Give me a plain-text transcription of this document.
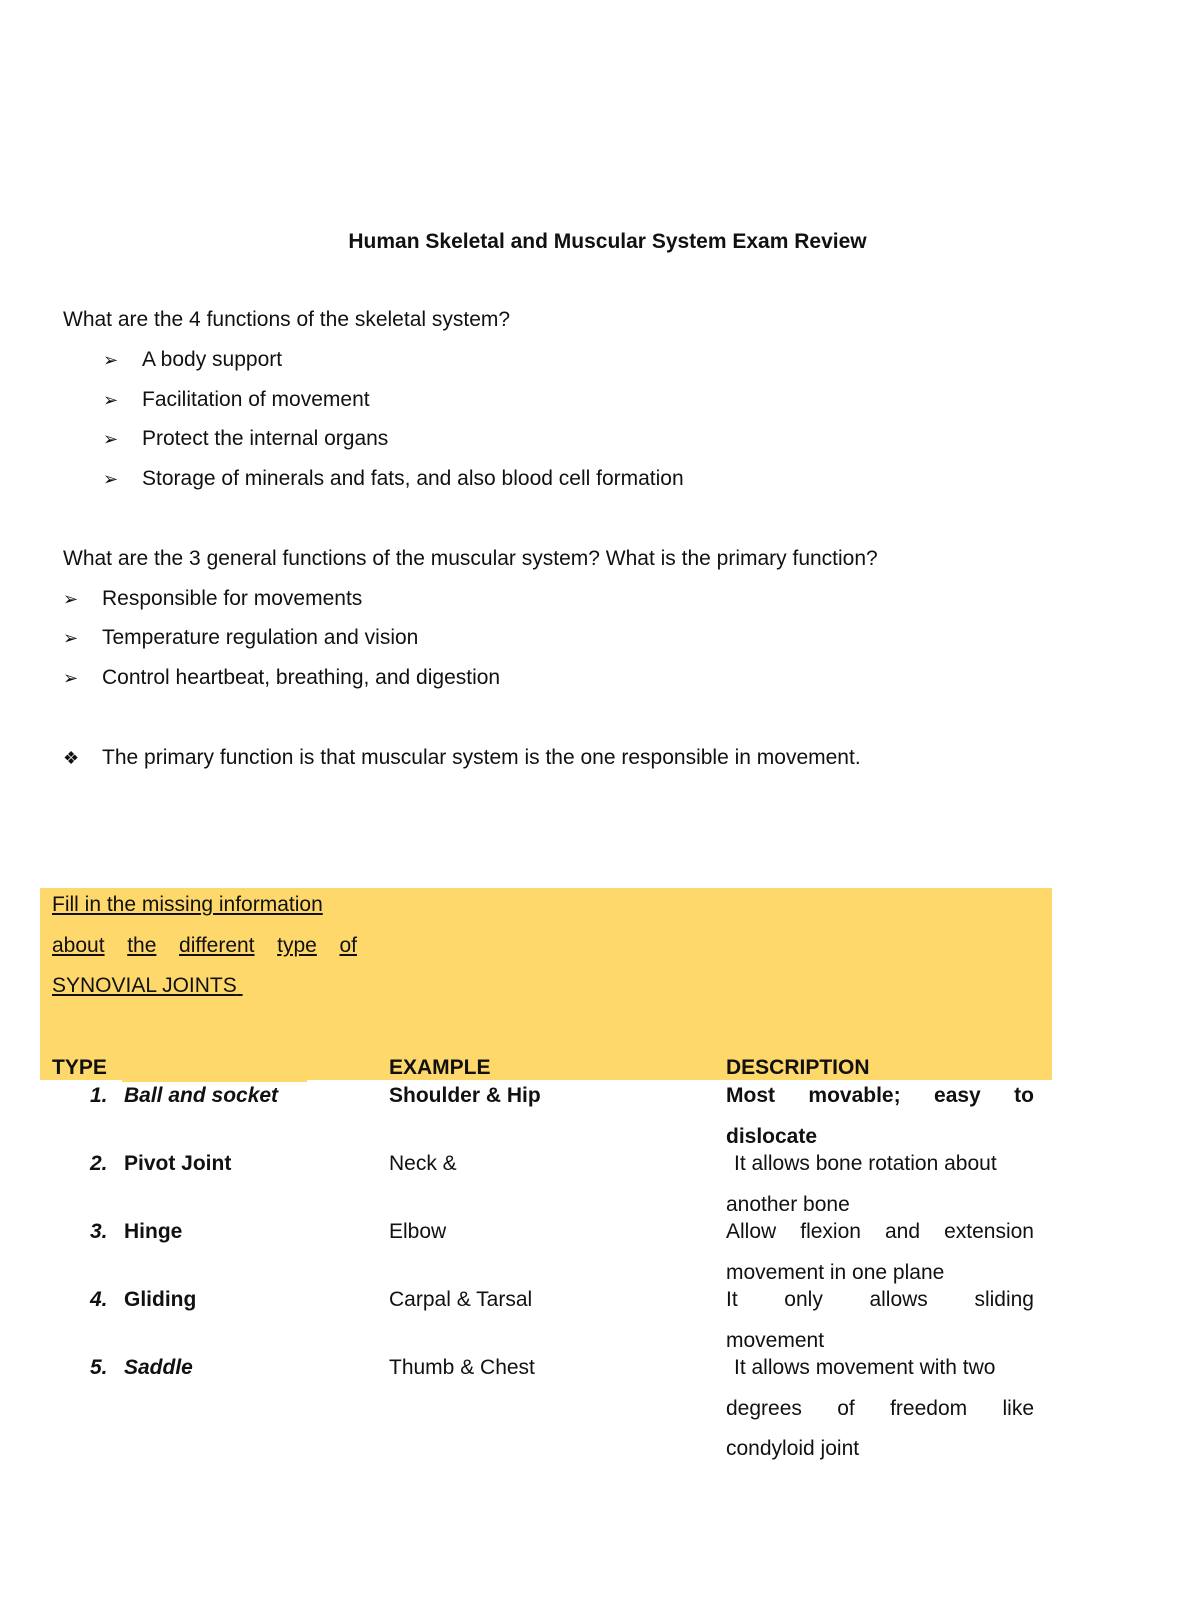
Human Skeletal and Muscular System Exam Review
What are the 4 functions of the skeletal system?
➢ A body support
➢ Facilitation of movement
➢ Protect the internal organs
➢ Storage of minerals and fats, and also blood cell formation
What are the 3 general functions of the muscular system? What is the primary function?
➢ Responsible for movements
➢ Temperature regulation and vision
➢ Control heartbeat, breathing, and digestion
❖ The primary function is that muscular system is the one responsible in movement.
Fill in the missing information
about the different type of
SYNOVIAL JOINTS
TYPE	EXAMPLE	DESCRIPTION
1. Ball and socket	Shoulder & Hip	Most movable; easy to
dislocate
2. Pivot Joint	Neck &	It allows bone rotation about
another bone
3. Hinge	Elbow	Allow flexion and extension
movement in one plane
4. Gliding	Carpal & Tarsal	It only allows sliding
movement
5. Saddle	Thumb & Chest	It allows movement with two
degrees of freedom like
condyloid joint
